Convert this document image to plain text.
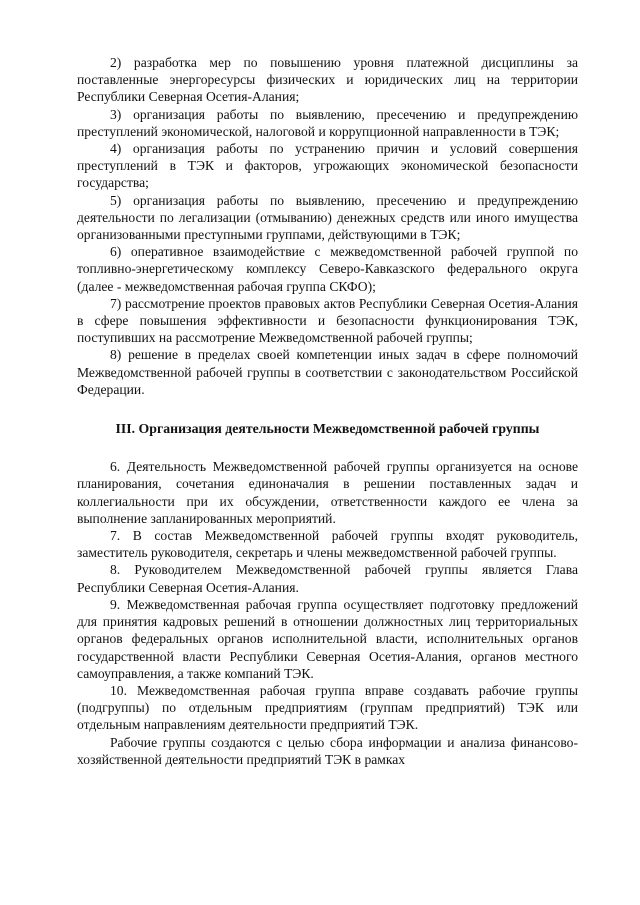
2) разработка мер по повышению уровня платежной дисциплины за поставленные энергоресурсы физических и юридических лиц на территории Республики Северная Осетия-Алания;

3) организация работы по выявлению, пресечению и предупреждению преступлений экономической, налоговой и коррупционной направленности в ТЭК;

4) организация работы по устранению причин и условий совершения преступлений в ТЭК и факторов, угрожающих экономической безопасности государства;

5) организация работы по выявлению, пресечению и предупреждению деятельности по легализации (отмыванию) денежных средств или иного имущества организованными преступными группами, действующими в ТЭК;

6) оперативное взаимодействие с межведомственной рабочей группой по топливно-энергетическому комплексу Северо-Кавказского федерального округа (далее - межведомственная рабочая группа СКФО);

7) рассмотрение проектов правовых актов Республики Северная Осетия-Алания в сфере повышения эффективности и безопасности функционирования ТЭК, поступивших на рассмотрение Межведомственной рабочей группы;

8) решение в пределах своей компетенции иных задач в сфере полномочий Межведомственной рабочей группы в соответствии с законодательством Российской Федерации.

III. Организация деятельности Межведомственной рабочей группы

6. Деятельность Межведомственной рабочей группы организуется на основе планирования, сочетания единоначалия в решении поставленных задач и коллегиальности при их обсуждении, ответственности каждого ее члена за выполнение запланированных мероприятий.

7. В состав Межведомственной рабочей группы входят руководитель, заместитель руководителя, секретарь и члены межведомственной рабочей группы.

8. Руководителем Межведомственной рабочей группы является Глава Республики Северная Осетия-Алания.

9. Межведомственная рабочая группа осуществляет подготовку предложений для принятия кадровых решений в отношении должностных лиц территориальных органов федеральных органов исполнительной власти, исполнительных органов государственной власти Республики Северная Осетия-Алания, органов местного самоуправления, а также компаний ТЭК.

10. Межведомственная рабочая группа вправе создавать рабочие группы (подгруппы) по отдельным предприятиям (группам предприятий) ТЭК или отдельным направлениям деятельности предприятий ТЭК.

Рабочие группы создаются с целью сбора информации и анализа финансово-хозяйственной деятельности предприятий ТЭК в рамках
